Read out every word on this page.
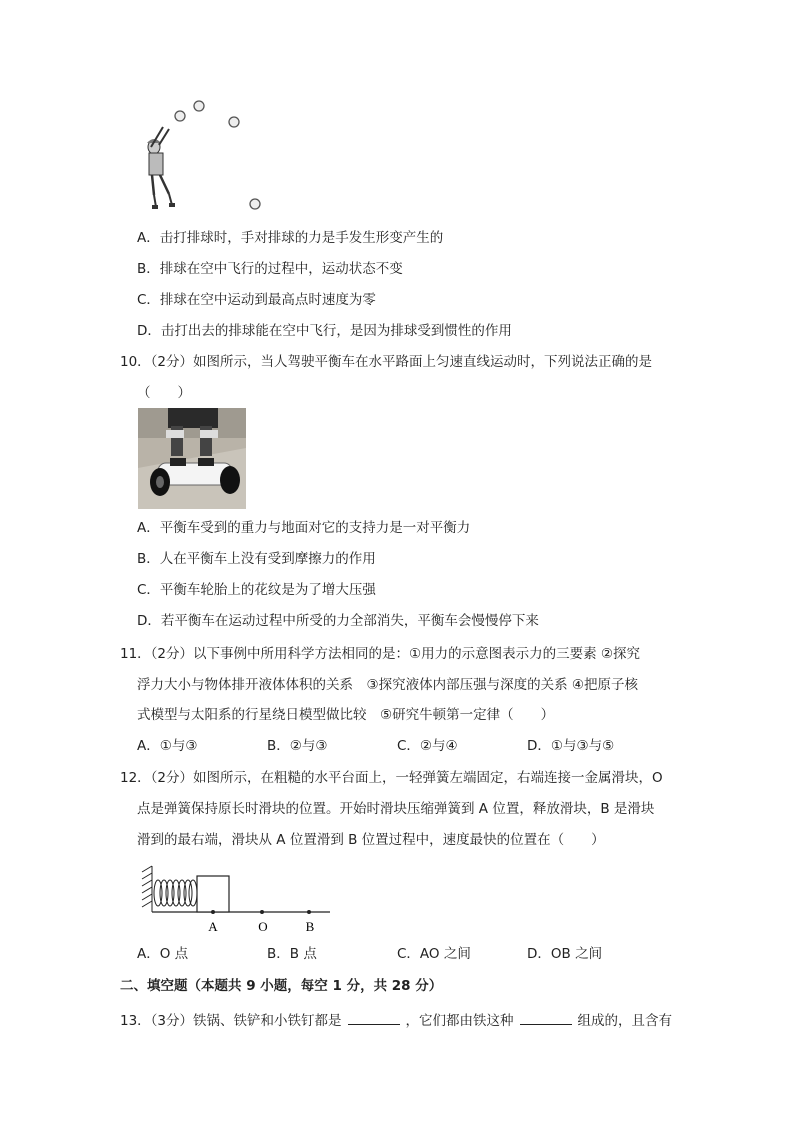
A．击打排球时，手对排球的力是手发生形变产生的
B．排球在空中飞行的过程中，运动状态不变
C．排球在空中运动到最高点时速度为零
D．击打出去的排球能在空中飞行，是因为排球受到惯性的作用
10．（2分）如图所示，当人驾驶平衡车在水平路面上匀速直线运动时，下列说法正确的是
（　　）
A．平衡车受到的重力与地面对它的支持力是一对平衡力
B．人在平衡车上没有受到摩擦力的作用
C．平衡车轮胎上的花纹是为了增大压强
D．若平衡车在运动过程中所受的力全部消失，平衡车会慢慢停下来
11．（2分）以下事例中所用科学方法相同的是：①用力的示意图表示力的三要素 ②探究
浮力大小与物体排开液体体积的关系　③探究液体内部压强与深度的关系 ④把原子核
式模型与太阳系的行星绕日模型做比较　⑤研究牛顿第一定律（　　）
A．①与③	B．②与③	C．②与④	D．①与③与⑤
12．（2分）如图所示，在粗糙的水平台面上，一轻弹簧左端固定，右端连接一金属滑块，O
点是弹簧保持原长时滑块的位置。开始时滑块压缩弹簧到 A 位置，释放滑块，B 是滑块
滑到的最右端，滑块从 A 位置滑到 B 位置过程中，速度最快的位置在（　　）
A	O	B
A．O 点	B．B 点	C．AO 之间	D．OB 之间
二、填空题（本题共 9 小题，每空 1 分，共 28 分）
13．（3分）铁锅、铁铲和小铁钉都是	，它们都由铁这种	组成的，且含有
